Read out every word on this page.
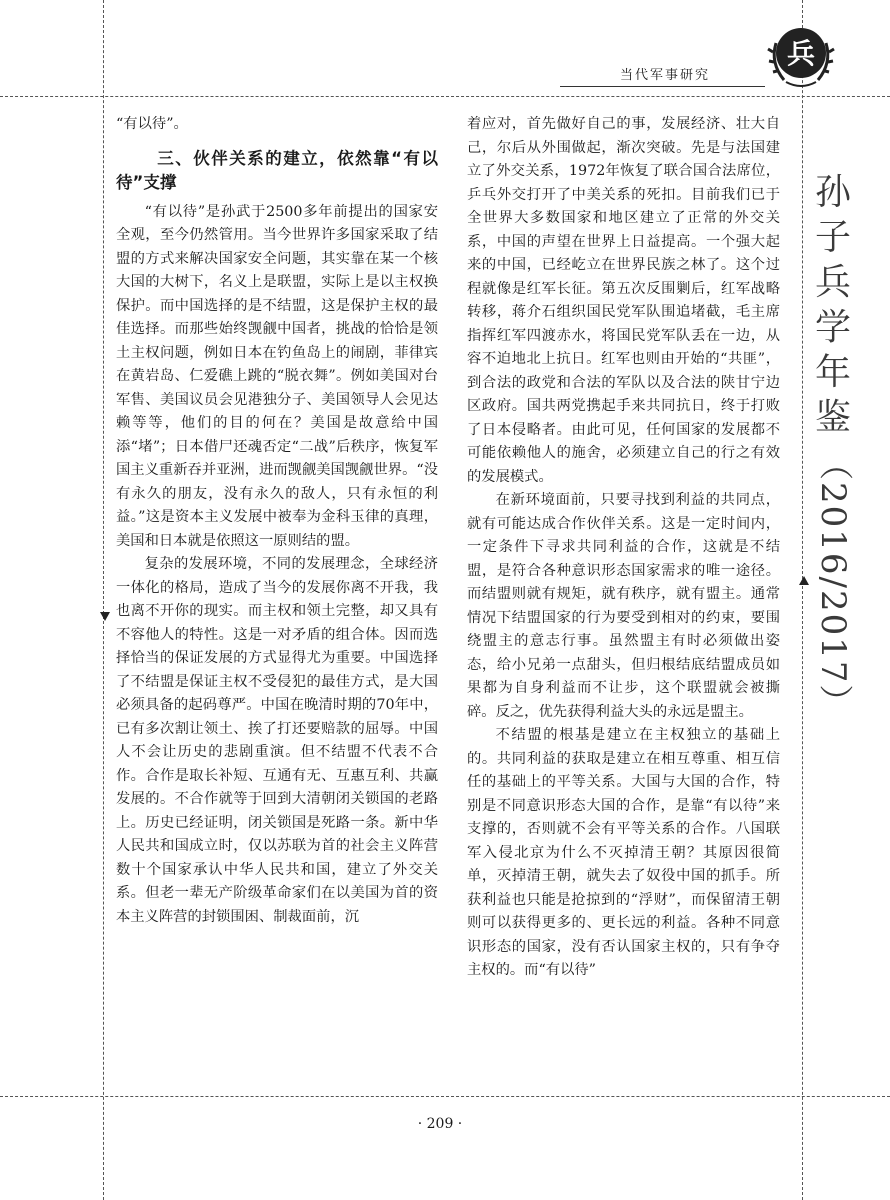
当代军事研究
兵
孙
子
兵
学
年
鉴
（2016/2017）

“有以待”。

三、伙伴关系的建立，依然靠“有以待”支撑

“有以待”是孙武于2500多年前提出的国家安全观，至今仍然管用。当今世界许多国家采取了结盟的方式来解决国家安全问题，其实靠在某一个核大国的大树下，名义上是联盟，实际上是以主权换保护。而中国选择的是不结盟，这是保护主权的最佳选择。而那些始终觊觎中国者，挑战的恰恰是领土主权问题，例如日本在钓鱼岛上的闹剧，菲律宾在黄岩岛、仁爱礁上跳的“脱衣舞”。例如美国对台军售、美国议员会见港独分子、美国领导人会见达赖等等，他们的目的何在？美国是故意给中国添“堵”；日本借尸还魂否定“二战”后秩序，恢复军国主义重新吞并亚洲，进而觊觎美国觊觎世界。“没有永久的朋友，没有永久的敌人，只有永恒的利益。”这是资本主义发展中被奉为金科玉律的真理，美国和日本就是依照这一原则结的盟。

复杂的发展环境，不同的发展理念，全球经济一体化的格局，造成了当今的发展你离不开我，我也离不开你的现实。而主权和领土完整，却又具有不容他人的特性。这是一对矛盾的组合体。因而选择恰当的保证发展的方式显得尤为重要。中国选择了不结盟是保证主权不受侵犯的最佳方式，是大国必须具备的起码尊严。中国在晚清时期的70年中，已有多次割让领土、挨了打还要赔款的屈辱。中国人不会让历史的悲剧重演。但不结盟不代表不合作。合作是取长补短、互通有无、互惠互利、共赢发展的。不合作就等于回到大清朝闭关锁国的老路上。历史已经证明，闭关锁国是死路一条。新中华人民共和国成立时，仅以苏联为首的社会主义阵营数十个国家承认中华人民共和国，建立了外交关系。但老一辈无产阶级革命家们在以美国为首的资本主义阵营的封锁围困、制裁面前，沉

着应对，首先做好自己的事，发展经济、壮大自己，尔后从外围做起，渐次突破。先是与法国建立了外交关系，1972年恢复了联合国合法席位，乒乓外交打开了中美关系的死扣。目前我们已于全世界大多数国家和地区建立了正常的外交关系，中国的声望在世界上日益提高。一个强大起来的中国，已经屹立在世界民族之林了。这个过程就像是红军长征。第五次反围剿后，红军战略转移，蒋介石组织国民党军队围追堵截，毛主席指挥红军四渡赤水，将国民党军队丢在一边，从容不迫地北上抗日。红军也则由开始的“共匪”，到合法的政党和合法的军队以及合法的陕甘宁边区政府。国共两党携起手来共同抗日，终于打败了日本侵略者。由此可见，任何国家的发展都不可能依赖他人的施舍，必须建立自己的行之有效的发展模式。

在新环境面前，只要寻找到利益的共同点，就有可能达成合作伙伴关系。这是一定时间内，一定条件下寻求共同利益的合作，这就是不结盟，是符合各种意识形态国家需求的唯一途径。而结盟则就有规矩，就有秩序，就有盟主。通常情况下结盟国家的行为要受到相对的约束，要围绕盟主的意志行事。虽然盟主有时必须做出姿态，给小兄弟一点甜头，但归根结底结盟成员如果都为自身利益而不让步，这个联盟就会被撕碎。反之，优先获得利益大头的永远是盟主。

不结盟的根基是建立在主权独立的基础上的。共同利益的获取是建立在相互尊重、相互信任的基础上的平等关系。大国与大国的合作，特别是不同意识形态大国的合作，是靠“有以待”来支撑的，否则就不会有平等关系的合作。八国联军入侵北京为什么不灭掉清王朝？其原因很简单，灭掉清王朝，就失去了奴役中国的抓手。所获利益也只能是抢掠到的“浮财”，而保留清王朝则可以获得更多的、更长远的利益。各种不同意识形态的国家，没有否认国家主权的，只有争夺主权的。而“有以待”

· 209 ·
